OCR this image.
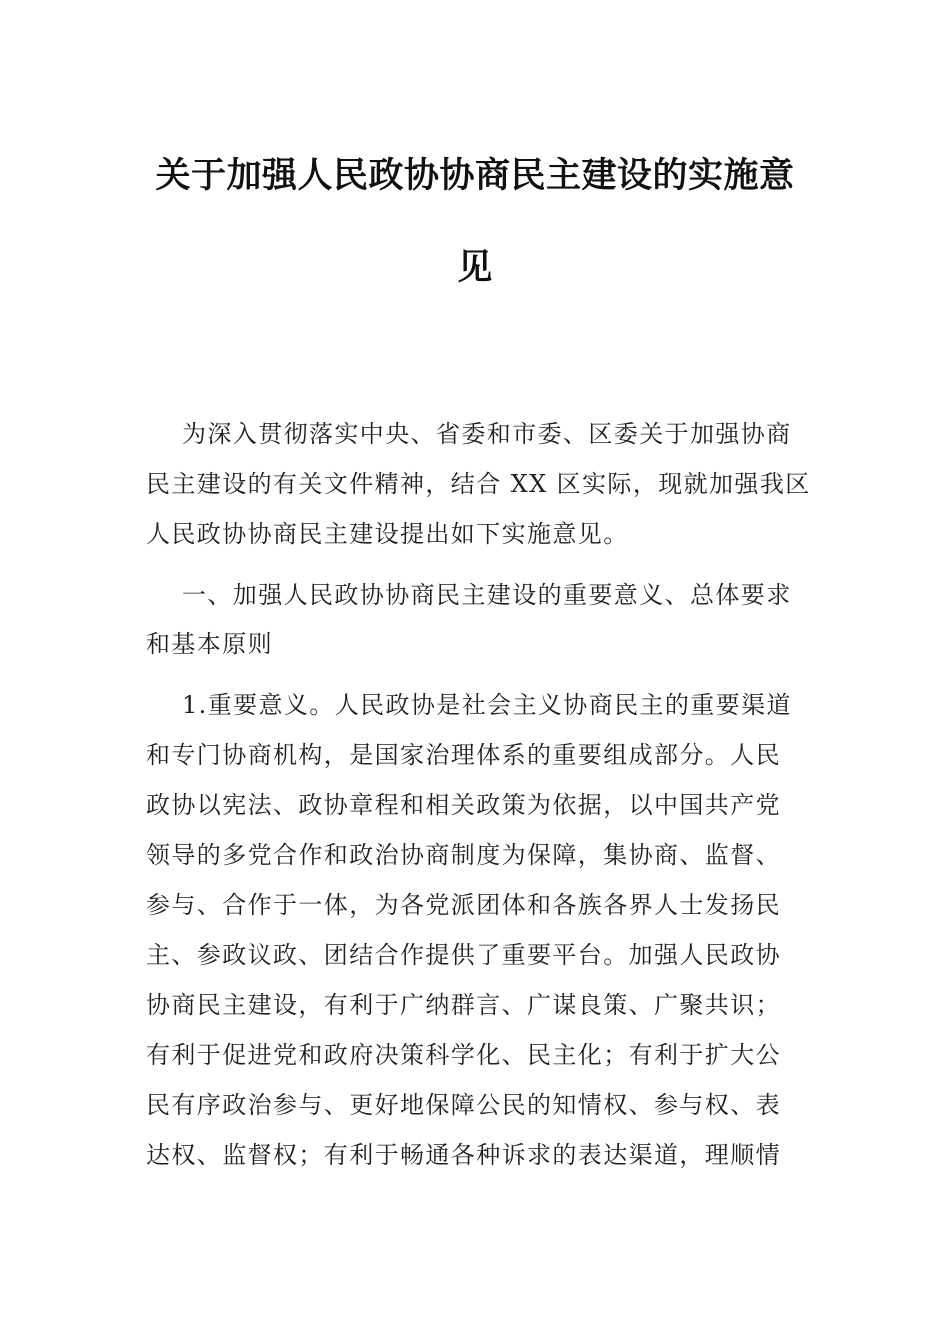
关于加强人民政协协商民主建设的实施意
见
为深入贯彻落实中央、省委和市委、区委关于加强协商
民主建设的有关文件精神，结合 XX 区实际，现就加强我区
人民政协协商民主建设提出如下实施意见。
一、加强人民政协协商民主建设的重要意义、总体要求
和基本原则
1.重要意义。人民政协是社会主义协商民主的重要渠道
和专门协商机构，是国家治理体系的重要组成部分。人民
政协以宪法、政协章程和相关政策为依据，以中国共产党
领导的多党合作和政治协商制度为保障，集协商、监督、
参与、合作于一体，为各党派团体和各族各界人士发扬民
主、参政议政、团结合作提供了重要平台。加强人民政协
协商民主建设，有利于广纳群言、广谋良策、广聚共识；
有利于促进党和政府决策科学化、民主化；有利于扩大公
民有序政治参与、更好地保障公民的知情权、参与权、表
达权、监督权；有利于畅通各种诉求的表达渠道，理顺情
